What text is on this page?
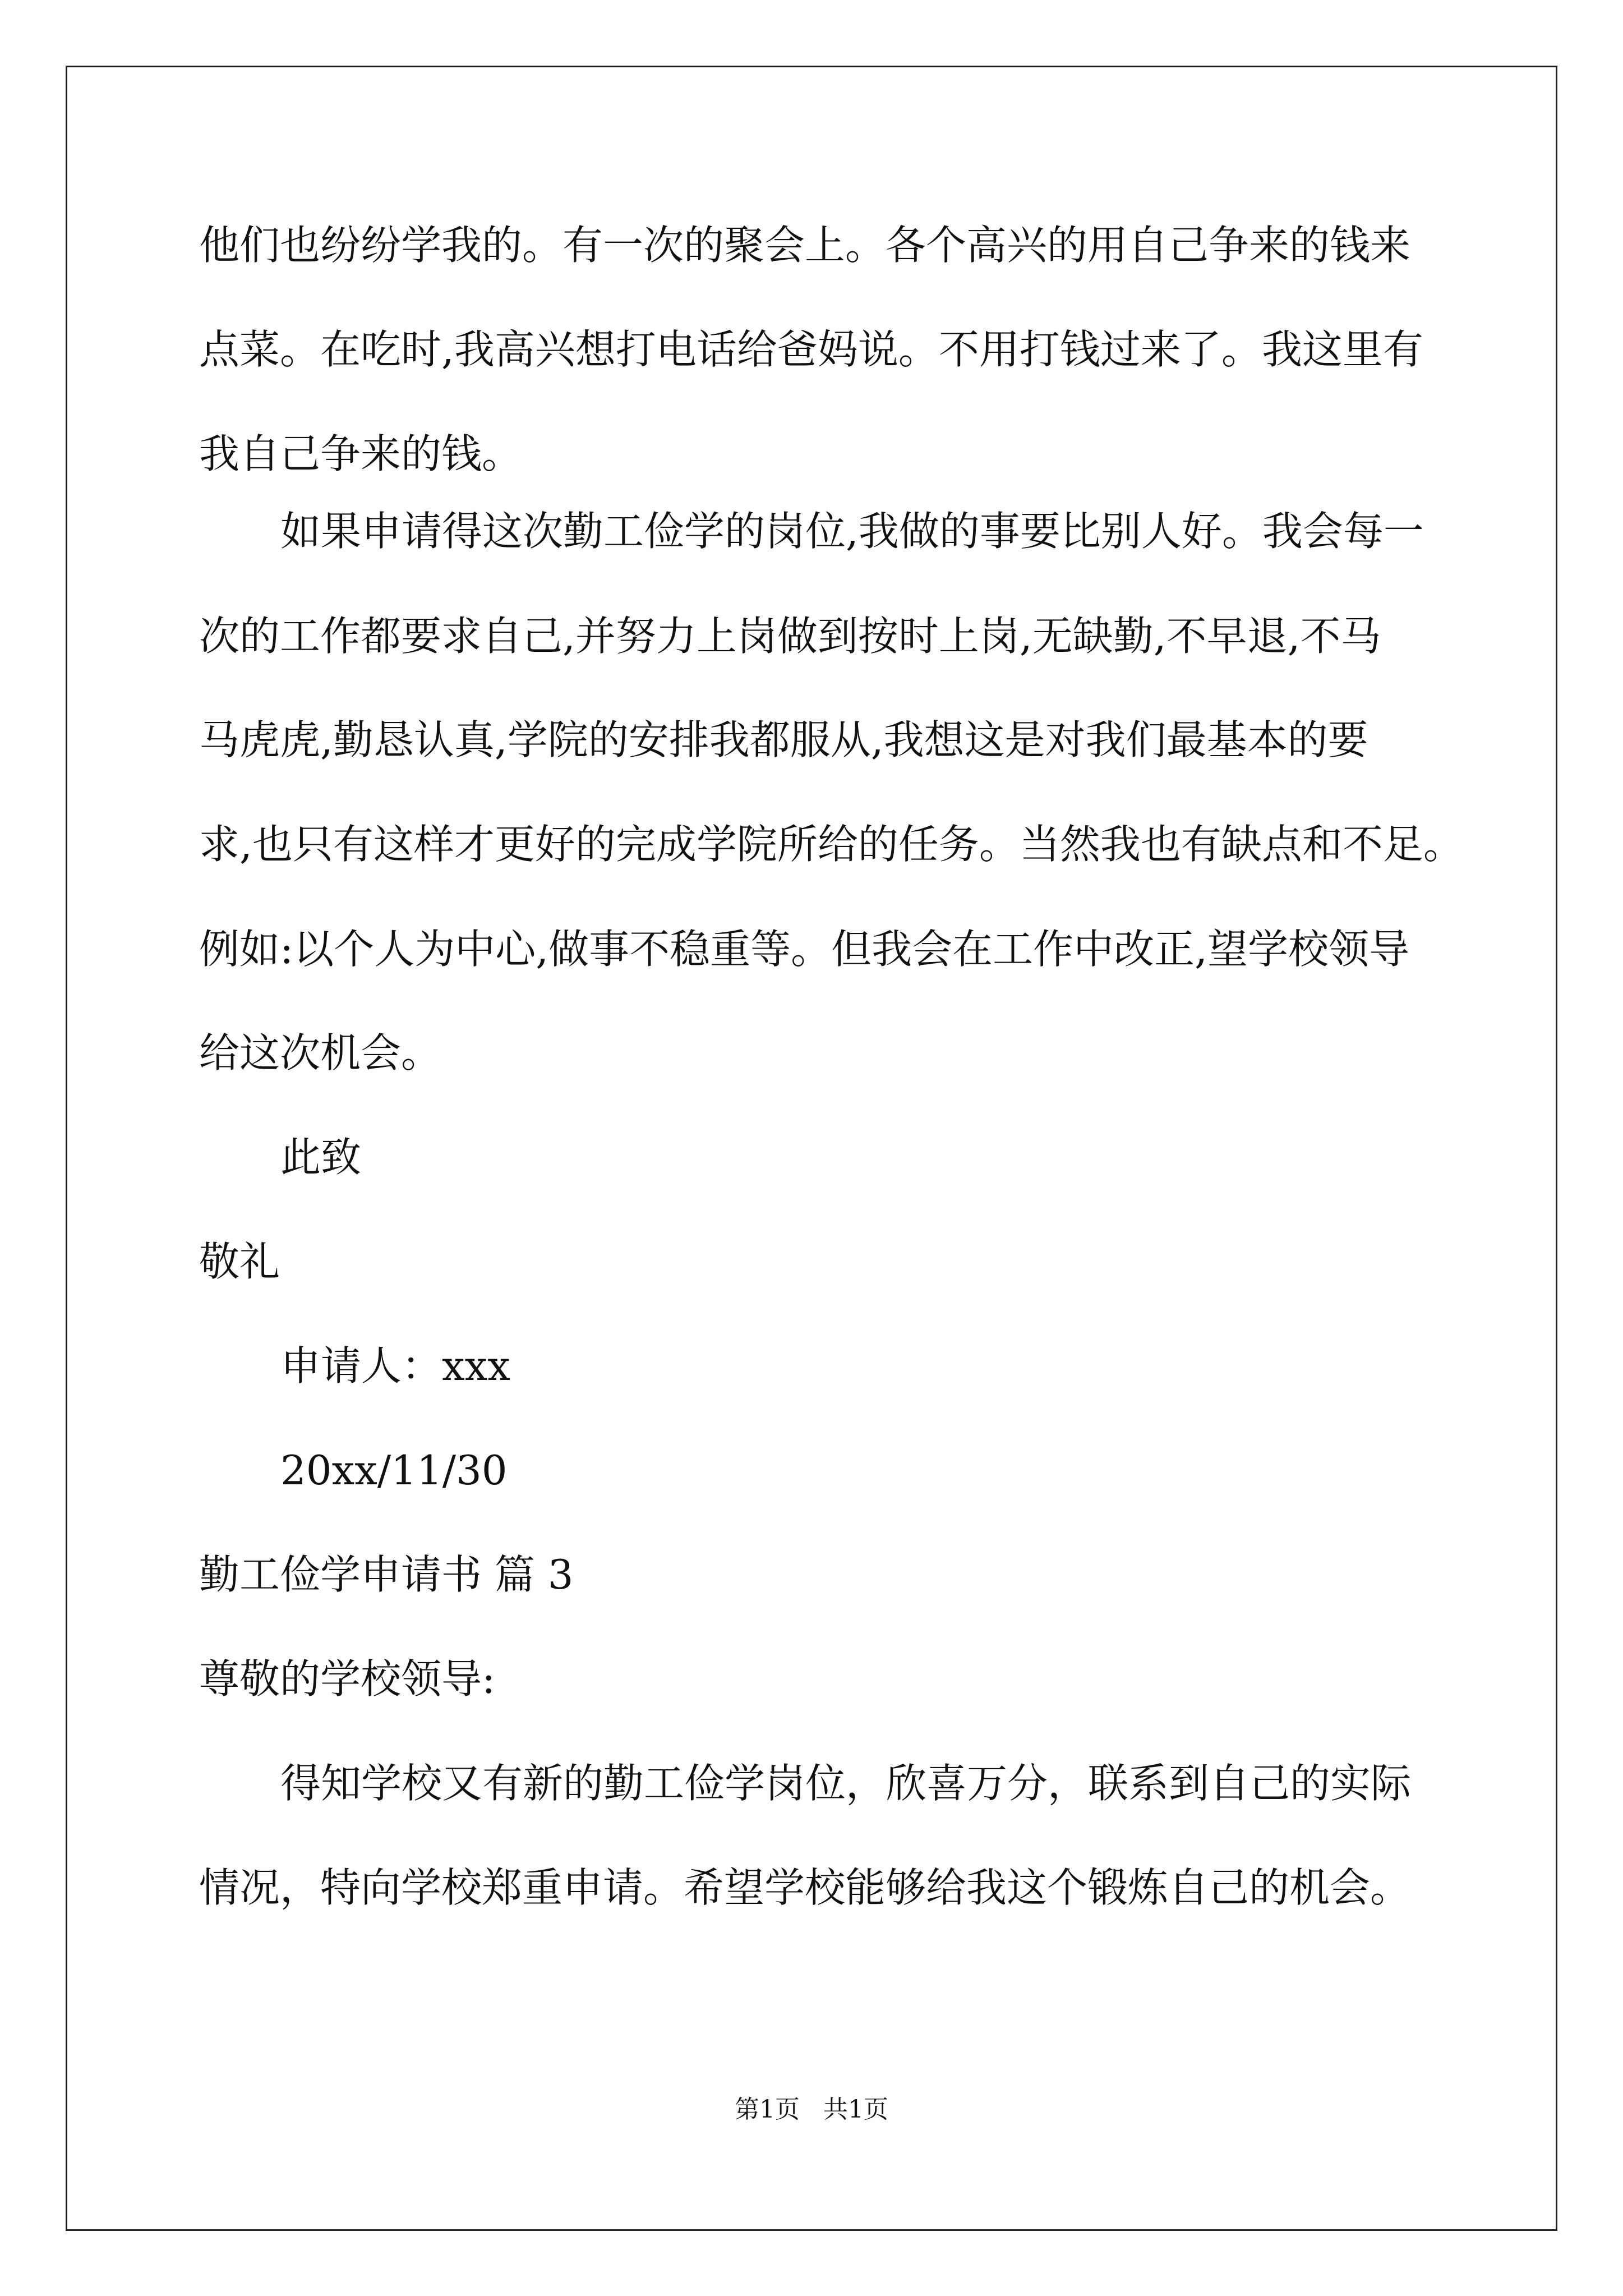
他们也纷纷学我的。有一次的聚会上。各个高兴的用自己争来的钱来

点菜。在吃时,我高兴想打电话给爸妈说。不用打钱过来了。我这里有

我自己争来的钱。

如果申请得这次勤工俭学的岗位,我做的事要比别人好。我会每一

次的工作都要求自己,并努力上岗做到按时上岗,无缺勤,不早退,不马

马虎虎,勤恳认真,学院的安排我都服从,我想这是对我们最基本的要

求,也只有这样才更好的完成学院所给的任务。当然我也有缺点和不足。

例如:以个人为中心,做事不稳重等。但我会在工作中改正,望学校领导

给这次机会。

此致

敬礼

申请人：xxx

20xx/11/30

勤工俭学申请书 篇 3

尊敬的学校领导:

得知学校又有新的勤工俭学岗位，欣喜万分，联系到自己的实际

情况，特向学校郑重申请。希望学校能够给我这个锻炼自己的机会。

第1页   共1页
